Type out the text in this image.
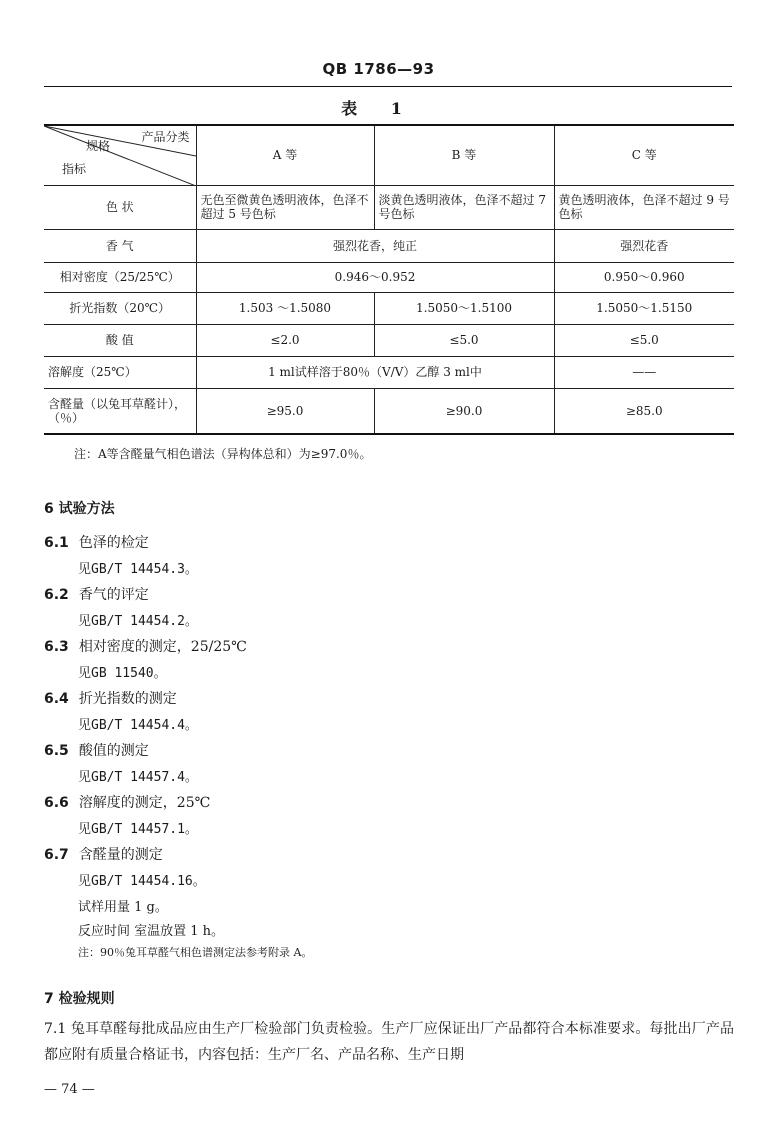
QB 1786—93
表 1
产品分类
规格
指标	A 等	B 等	C 等
色 状	无色至微黄色透明液体，色泽不超过 5 号色标	淡黄色透明液体，色泽不超过 7 号色标	黄色透明液体，色泽不超过 9 号色标
香 气	强烈花香，纯正		强烈花香
相对密度（25/25℃）	0.946～0.952		0.950～0.960
折光指数（20℃）	1.503 ～1.5080	1.5050～1.5100	1.5050～1.5150
酸 值	≤2.0	≤5.0	≤5.0
溶解度（25℃）	1 ml试样溶于80％（V/V）乙醇 3 ml中		——
含醛量（以兔耳草醛计），（％）	≥95.0	≥90.0	≥85.0
注：A等含醛量气相色谱法（异构体总和）为≥97.0％。
6 试验方法
6.1 色泽的检定
见GB/T 14454.3。
6.2 香气的评定
见GB/T 14454.2。
6.3 相对密度的测定，25/25℃
见GB 11540。
6.4 折光指数的测定
见GB/T 14454.4。
6.5 酸值的测定
见GB/T 14457.4。
6.6 溶解度的测定，25℃
见GB/T 14457.1。
6.7 含醛量的测定
见GB/T 14454.16。
试样用量 1 g。
反应时间 室温放置 1 h。
注：90％兔耳草醛气相色谱测定法参考附录 A。
7 检验规则
7.1 兔耳草醛每批成品应由生产厂检验部门负责检验。生产厂应保证出厂产品都符合本标准要求。每批出厂产品都应附有质量合格证书，内容包括：生产厂名、产品名称、生产日期
— 74 —
